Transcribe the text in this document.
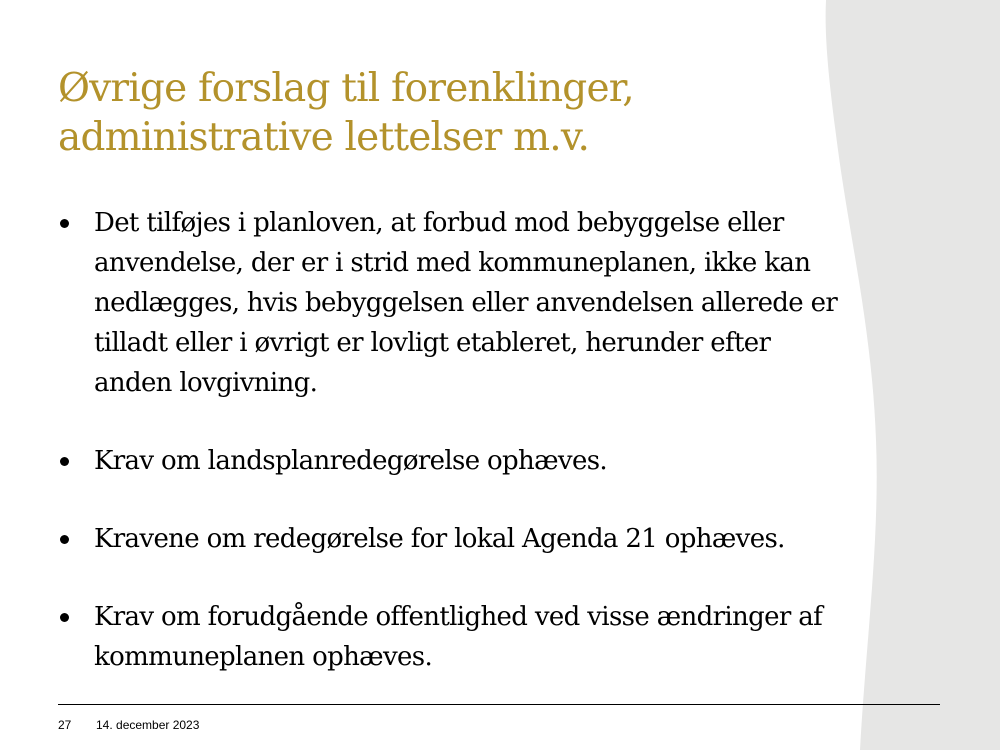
Øvrige forslag til forenklinger,
administrative lettelser m.v.
Det tilføjes i planloven, at forbud mod bebyggelse eller
anvendelse, der er i strid med kommuneplanen, ikke kan
nedlægges, hvis bebyggelsen eller anvendelsen allerede er
tilladt eller i øvrigt er lovligt etableret, herunder efter
anden lovgivning.
Krav om landsplanredegørelse ophæves.
Kravene om redegørelse for lokal Agenda 21 ophæves.
Krav om forudgående offentlighed ved visse ændringer af
kommuneplanen ophæves.
27 14. december 2023
